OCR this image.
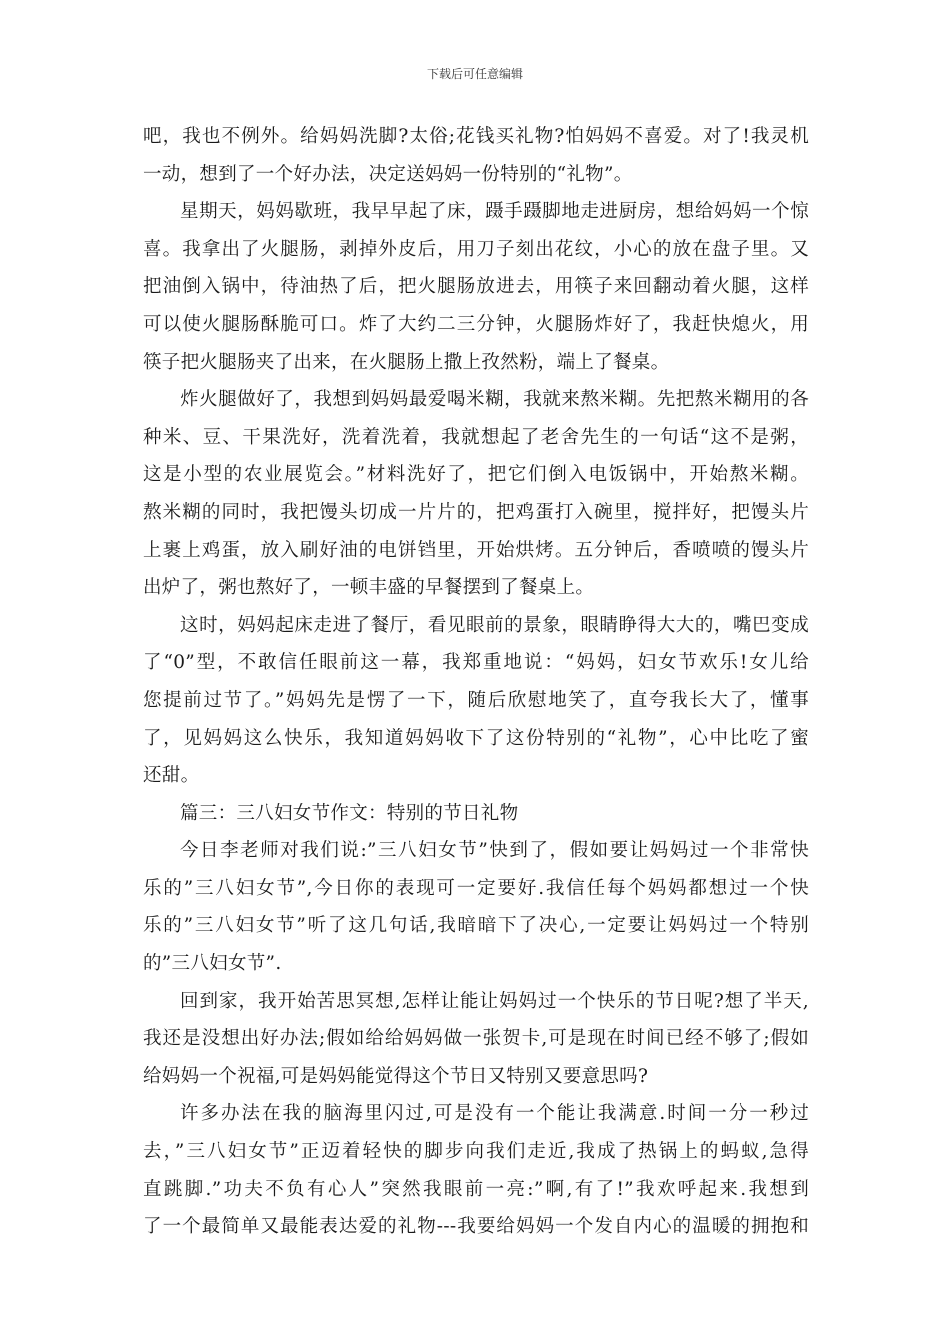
下载后可任意编辑
吧，我也不例外。给妈妈洗脚?太俗;花钱买礼物?怕妈妈不喜爱。对了!我灵机
一动，想到了一个好办法，决定送妈妈一份特别的“礼物”。
星期天，妈妈歇班，我早早起了床，蹑手蹑脚地走进厨房，想给妈妈一个惊
喜。我拿出了火腿肠，剥掉外皮后，用刀子刻出花纹，小心的放在盘子里。又
把油倒入锅中，待油热了后，把火腿肠放进去，用筷子来回翻动着火腿，这样
可以使火腿肠酥脆可口。炸了大约二三分钟，火腿肠炸好了，我赶快熄火，用
筷子把火腿肠夹了出来，在火腿肠上撒上孜然粉，端上了餐桌。
炸火腿做好了，我想到妈妈最爱喝米糊，我就来熬米糊。先把熬米糊用的各
种米、豆、干果洗好，洗着洗着，我就想起了老舍先生的一句话“这不是粥，
这是小型的农业展览会。”材料洗好了，把它们倒入电饭锅中，开始熬米糊。
熬米糊的同时，我把馒头切成一片片的，把鸡蛋打入碗里，搅拌好，把馒头片
上裹上鸡蛋，放入刷好油的电饼铛里，开始烘烤。五分钟后，香喷喷的馒头片
出炉了，粥也熬好了，一顿丰盛的早餐摆到了餐桌上。
这时，妈妈起床走进了餐厅，看见眼前的景象，眼睛睁得大大的，嘴巴变成
了“0”型，不敢信任眼前这一幕，我郑重地说：“妈妈，妇女节欢乐!女儿给
您提前过节了。”妈妈先是愣了一下，随后欣慰地笑了，直夸我长大了，懂事
了，见妈妈这么快乐，我知道妈妈收下了这份特别的“礼物”，心中比吃了蜜
还甜。
篇三：三八妇女节作文：特别的节日礼物
今日李老师对我们说:”三八妇女节”快到了，假如要让妈妈过一个非常快
乐的”三八妇女节”,今日你的表现可一定要好.我信任每个妈妈都想过一个快
乐的”三八妇女节”听了这几句话,我暗暗下了决心,一定要让妈妈过一个特别
的”三八妇女节”.
回到家，我开始苦思冥想,怎样让能让妈妈过一个快乐的节日呢?想了半天,
我还是没想出好办法;假如给给妈妈做一张贺卡,可是现在时间已经不够了;假如
给妈妈一个祝福,可是妈妈能觉得这个节日又特别又要意思吗?
许多办法在我的脑海里闪过,可是没有一个能让我满意.时间一分一秒过
去，”三八妇女节”正迈着轻快的脚步向我们走近,我成了热锅上的蚂蚁,急得
直跳脚.”功夫不负有心人”突然我眼前一亮:”啊,有了!”我欢呼起来.我想到
了一个最简单又最能表达爱的礼物---我要给妈妈一个发自内心的温暖的拥抱和
